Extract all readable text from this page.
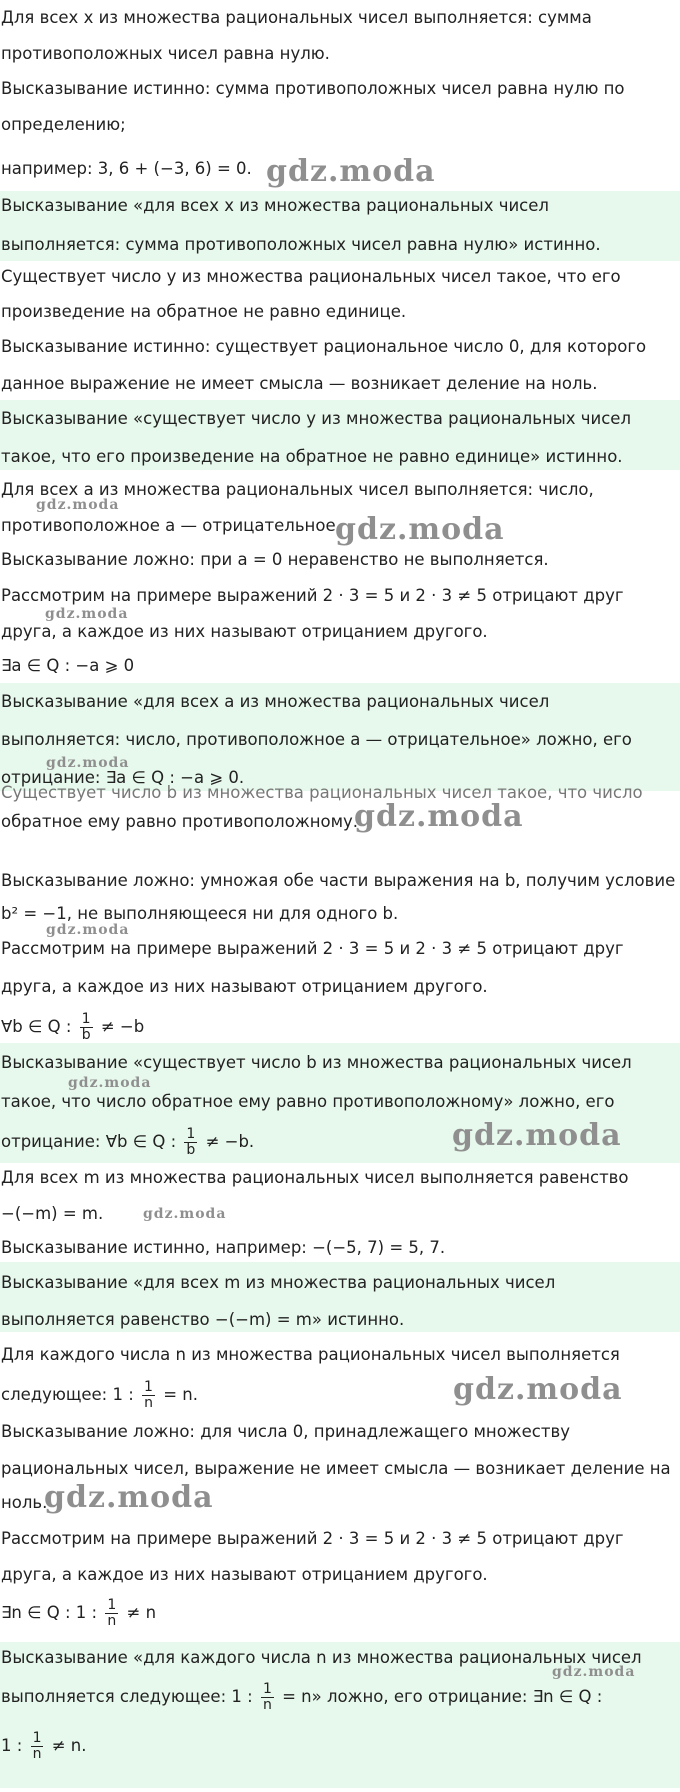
Для всех x из множества рациональных чисел выполняется: сумма
противоположных чисел равна нулю.
Высказывание истинно: сумма противоположных чисел равна нулю по
определению;
например: 3, 6 + (−3, 6) = 0.
Высказывание «для всех x из множества рациональных чисел
выполняется: сумма противоположных чисел равна нулю» истинно.
Существует число y из множества рациональных чисел такое, что его
произведение на обратное не равно единице.
Высказывание истинно: существует рациональное число 0, для которого
данное выражение не имеет смысла — возникает деление на ноль.
Высказывание «существует число y из множества рациональных чисел
такое, что его произведение на обратное не равно единице» истинно.
Для всех a из множества рациональных чисел выполняется: число,
противоположное a — отрицательное.
Высказывание ложно: при a = 0 неравенство не выполняется.
Рассмотрим на примере выражений 2 · 3 = 5 и 2 · 3 ≠ 5 отрицают друг
друга, а каждое из них называют отрицанием другого.
∃a ∈ Q : −a ⩾ 0
Высказывание «для всех a из множества рациональных чисел
выполняется: число, противоположное a — отрицательное» ложно, его
отрицание: ∃a ∈ Q : −a ⩾ 0.
Существует число b из множества рациональных чисел такое, что число
обратное ему равно противоположному.
Высказывание ложно: умножая обе части выражения на b, получим условие
b² = −1, не выполняющееся ни для одного b.
Рассмотрим на примере выражений 2 · 3 = 5 и 2 · 3 ≠ 5 отрицают друг
друга, а каждое из них называют отрицанием другого.
∀b ∈ Q : $\frac{1}{b} \ne -b$
Высказывание «существует число b из множества рациональных чисел
такое, что число обратное ему равно противоположному» ложно, его
отрицание: ∀b ∈ Q : $\frac{1}{b} \ne -b$.
Для всех m из множества рациональных чисел выполняется равенство
−(−m) = m.
Высказывание истинно, например: −(−5, 7) = 5, 7.
Высказывание «для всех m из множества рациональных чисел
выполняется равенство −(−m) = m» истинно.
Для каждого числа n из множества рациональных чисел выполняется
следующее: 1 : $\frac{1}{n} = n$.
Высказывание ложно: для числа 0, принадлежащего множеству
рациональных чисел, выражение не имеет смысла — возникает деление на
ноль.
Рассмотрим на примере выражений 2 · 3 = 5 и 2 · 3 ≠ 5 отрицают друг
друга, а каждое из них называют отрицанием другого.
∃n ∈ Q : 1 : $\frac{1}{n} \ne n$
Высказывание «для каждого числа n из множества рациональных чисел
выполняется следующее: 1 : $\frac{1}{n} = n$» ложно, его отрицание: ∃n ∈ Q :
1 : $\frac{1}{n} \ne n$.
gdz.moda
gdz.moda
gdz.moda
gdz.moda
gdz.moda
gdz.moda
gdz.moda
gdz.moda
gdz.moda
gdz.moda
gdz.moda
gdz.moda
gdz.moda
